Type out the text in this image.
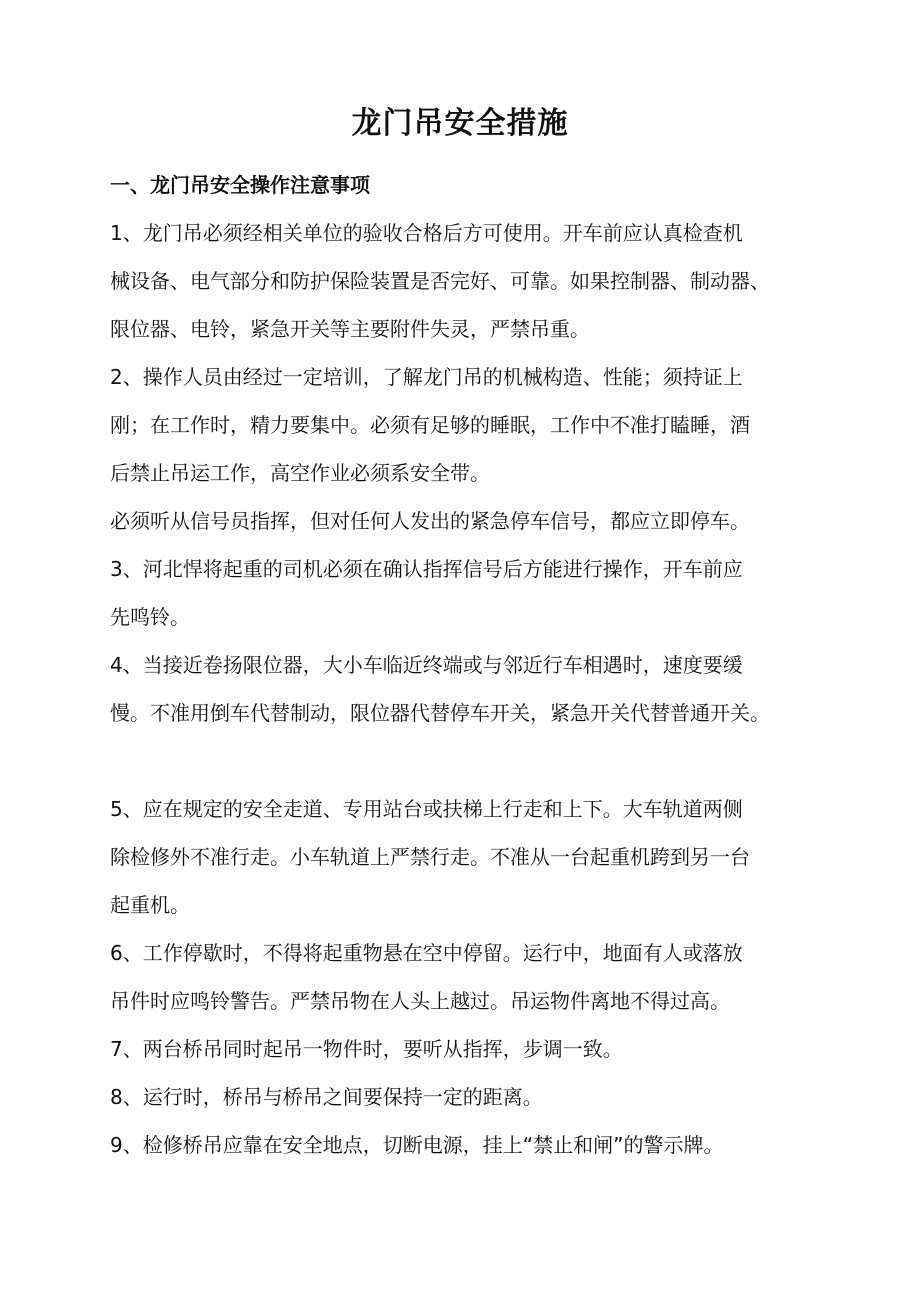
龙门吊安全措施
一、龙门吊安全操作注意事项
1、龙门吊必须经相关单位的验收合格后方可使用。开车前应认真检查机
械设备、电气部分和防护保险装置是否完好、可靠。如果控制器、制动器、
限位器、电铃，紧急开关等主要附件失灵，严禁吊重。
2、操作人员由经过一定培训，了解龙门吊的机械构造、性能；须持证上
刚；在工作时，精力要集中。必须有足够的睡眠，工作中不准打瞌睡，酒
后禁止吊运工作，高空作业必须系安全带。
必须听从信号员指挥，但对任何人发出的紧急停车信号，都应立即停车。
3、河北悍将起重的司机必须在确认指挥信号后方能进行操作，开车前应
先鸣铃。
4、当接近卷扬限位器，大小车临近终端或与邻近行车相遇时，速度要缓
慢。不准用倒车代替制动，限位器代替停车开关，紧急开关代替普通开关。
5、应在规定的安全走道、专用站台或扶梯上行走和上下。大车轨道两侧
除检修外不准行走。小车轨道上严禁行走。不准从一台起重机跨到另一台
起重机。
6、工作停歇时，不得将起重物悬在空中停留。运行中，地面有人或落放
吊件时应鸣铃警告。严禁吊物在人头上越过。吊运物件离地不得过高。
7、两台桥吊同时起吊一物件时，要听从指挥，步调一致。
8、运行时，桥吊与桥吊之间要保持一定的距离。
9、检修桥吊应靠在安全地点，切断电源，挂上“禁止和闸”的警示牌。
